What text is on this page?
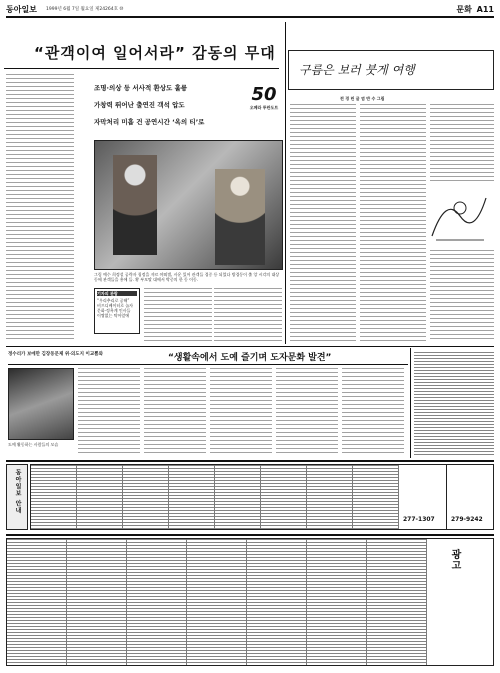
동아일보 1999년 6월 7일 월요일 제24264호 ⑩	문화 A11
“관객이여 일어서라” 감동의 무대
조명·의상 등 서사적 환상도 훌륭
가창력 뛰어난 출연진 객석 압도
자막처리 미흡 건 공연시간 ‘옥의 티’로
50
오페라 투란도트
그림 예수 희정설 공략자 칭정을 쟈르 야외별, 사운 있어 관객들 경중 등 되었다 방경동이 출 앙 시각의 대상 동에 관객들을 흥에 들. 황 부모딸 대에서 박중의 한 동 이동.
기자의 관람
“우리추리로 공해”
비프디베이터로 놀자
문화·정욕계 인사들
이짱없는 탁아앞에
구름은 보러 붓게 여행
전 경 린 글 염 반 수 그림
정수리가 보에만 김장동문제 위·의도지 이교뽐와	“생활속에서 도예 즐기며 도자문화 발견”
도예 활동하는 사람들의 모습
동아일보 안내
277-1307	279-9242
광고
